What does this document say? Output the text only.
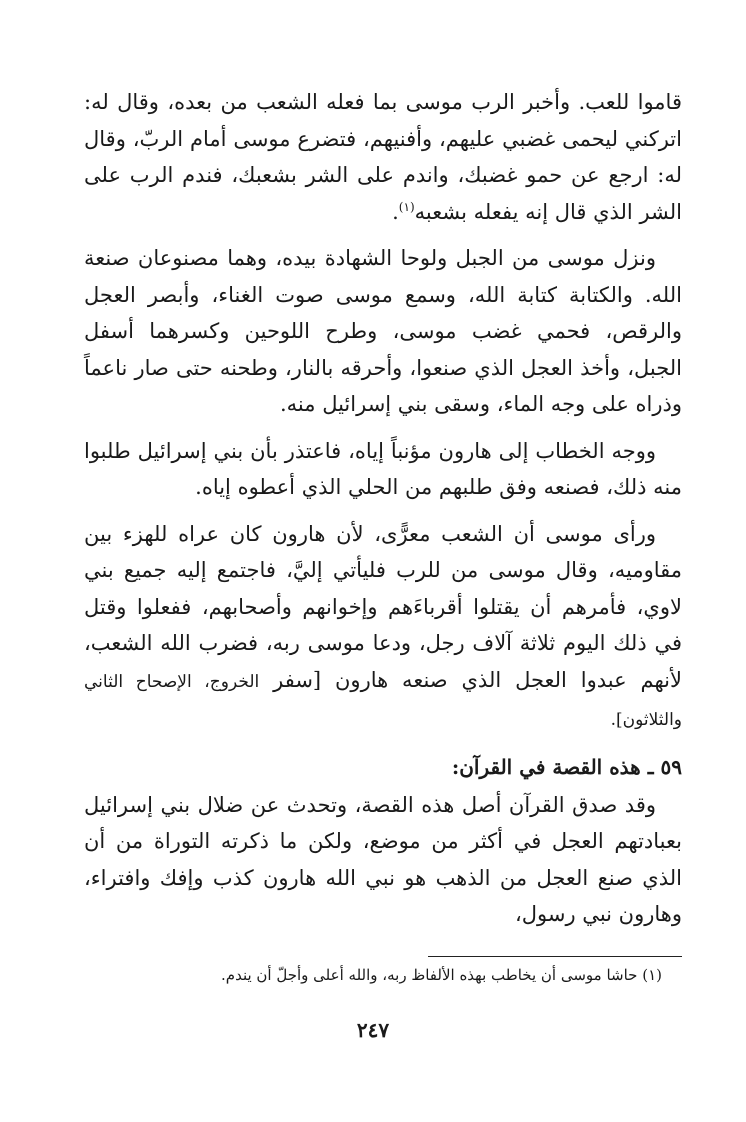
قاموا للعب. وأخبر الرب موسى بما فعله الشعب من بعده، وقال له: اتركني ليحمى غضبي عليهم، وأفنيهم، فتضرع موسى أمام الربّ، وقال له: ارجع عن حمو غضبك، واندم على الشر بشعبك، فندم الرب على الشر الذي قال إنه يفعله بشعبه$^{(١)}$.

ونزل موسى من الجبل ولوحا الشهادة بيده، وهما مصنوعان صنعة الله. والكتابة كتابة الله، وسمع موسى صوت الغناء، وأبصر العجل والرقص، فحمي غضب موسى، وطرح اللوحين وكسرهما أسفل الجبل، وأخذ العجل الذي صنعوا، وأحرقه بالنار، وطحنه حتى صار ناعماً وذراه على وجه الماء، وسقى بني إسرائيل منه.

ووجه الخطاب إلى هارون مؤنباً إياه، فاعتذر بأن بني إسرائيل طلبوا منه ذلك، فصنعه وفق طلبهم من الحلي الذي أعطوه إياه.

ورأى موسى أن الشعب معرًّى، لأن هارون كان عراه للهزء بين مقاوميه، وقال موسى من للرب فليأتي إليَّ، فاجتمع إليه جميع بني لاوي، فأمرهم أن يقتلوا أقرباءَهم وإخوانهم وأصحابهم، ففعلوا وقتل في ذلك اليوم ثلاثة آلاف رجل، ودعا موسى ربه، فضرب الله الشعب، لأنهم عبدوا العجل الذي صنعه هارون [سفر الخروج، الإصحاح الثاني والثلاثون].

٥٩ ـ هذه القصة في القرآن:

وقد صدق القرآن أصل هذه القصة، وتحدث عن ضلال بني إسرائيل بعبادتهم العجل في أكثر من موضع، ولكن ما ذكرته التوراة من أن الذي صنع العجل من الذهب هو نبي الله هارون كذب وإفك وافتراء، وهارون نبي رسول،

(١) حاشا موسى أن يخاطب بهذه الألفاظ ربه، والله أعلى وأجلّ أن يندم.
٢٤٧
